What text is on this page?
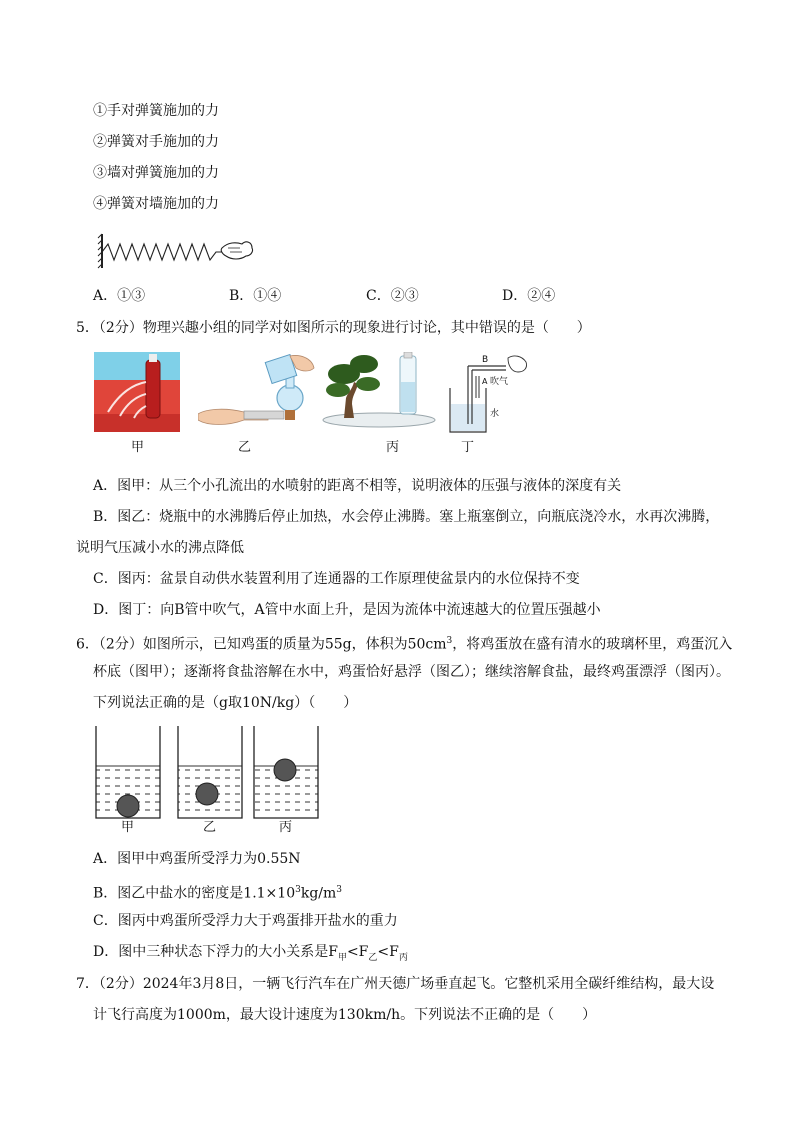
①手对弹簧施加的力
②弹簧对手施加的力
③墙对弹簧施加的力
④弹簧对墙施加的力
A．①③	B．①④	C．②③	D．②④
5．（2分）物理兴趣小组的同学对如图所示的现象进行讨论，其中错误的是（　　）
甲	乙	丙
B
A 吹气
水
丁
A．图甲：从三个小孔流出的水喷射的距离不相等，说明液体的压强与液体的深度有关
B．图乙：烧瓶中的水沸腾后停止加热，水会停止沸腾。塞上瓶塞倒立，向瓶底浇冷水，水再次沸腾，
说明气压减小水的沸点降低
C．图丙：盆景自动供水装置利用了连通器的工作原理使盆景内的水位保持不变
D．图丁：向B管中吹气，A管中水面上升，是因为流体中流速越大的位置压强越小
6．（2分）如图所示，已知鸡蛋的质量为55g，体积为$50cm^3$，将鸡蛋放在盛有清水的玻璃杯里，鸡蛋沉入
杯底（图甲）；逐渐将食盐溶解在水中，鸡蛋恰好悬浮（图乙）；继续溶解食盐，最终鸡蛋漂浮（图丙）。
下列说法正确的是（g取10N/kg）（　　）
甲	乙	丙
A．图甲中鸡蛋所受浮力为0.55N
B．图乙中盐水的密度是$1.1\times 10^3kg/m^3$
C．图丙中鸡蛋所受浮力大于鸡蛋排开盐水的重力
D．图中三种状态下浮力的大小关系是$F_甲<F_乙<F_丙$
7．（2分）2024年3月8日，一辆飞行汽车在广州天德广场垂直起飞。它整机采用全碳纤维结构，最大设
计飞行高度为1000m，最大设计速度为130km/h。下列说法不正确的是（　　）
